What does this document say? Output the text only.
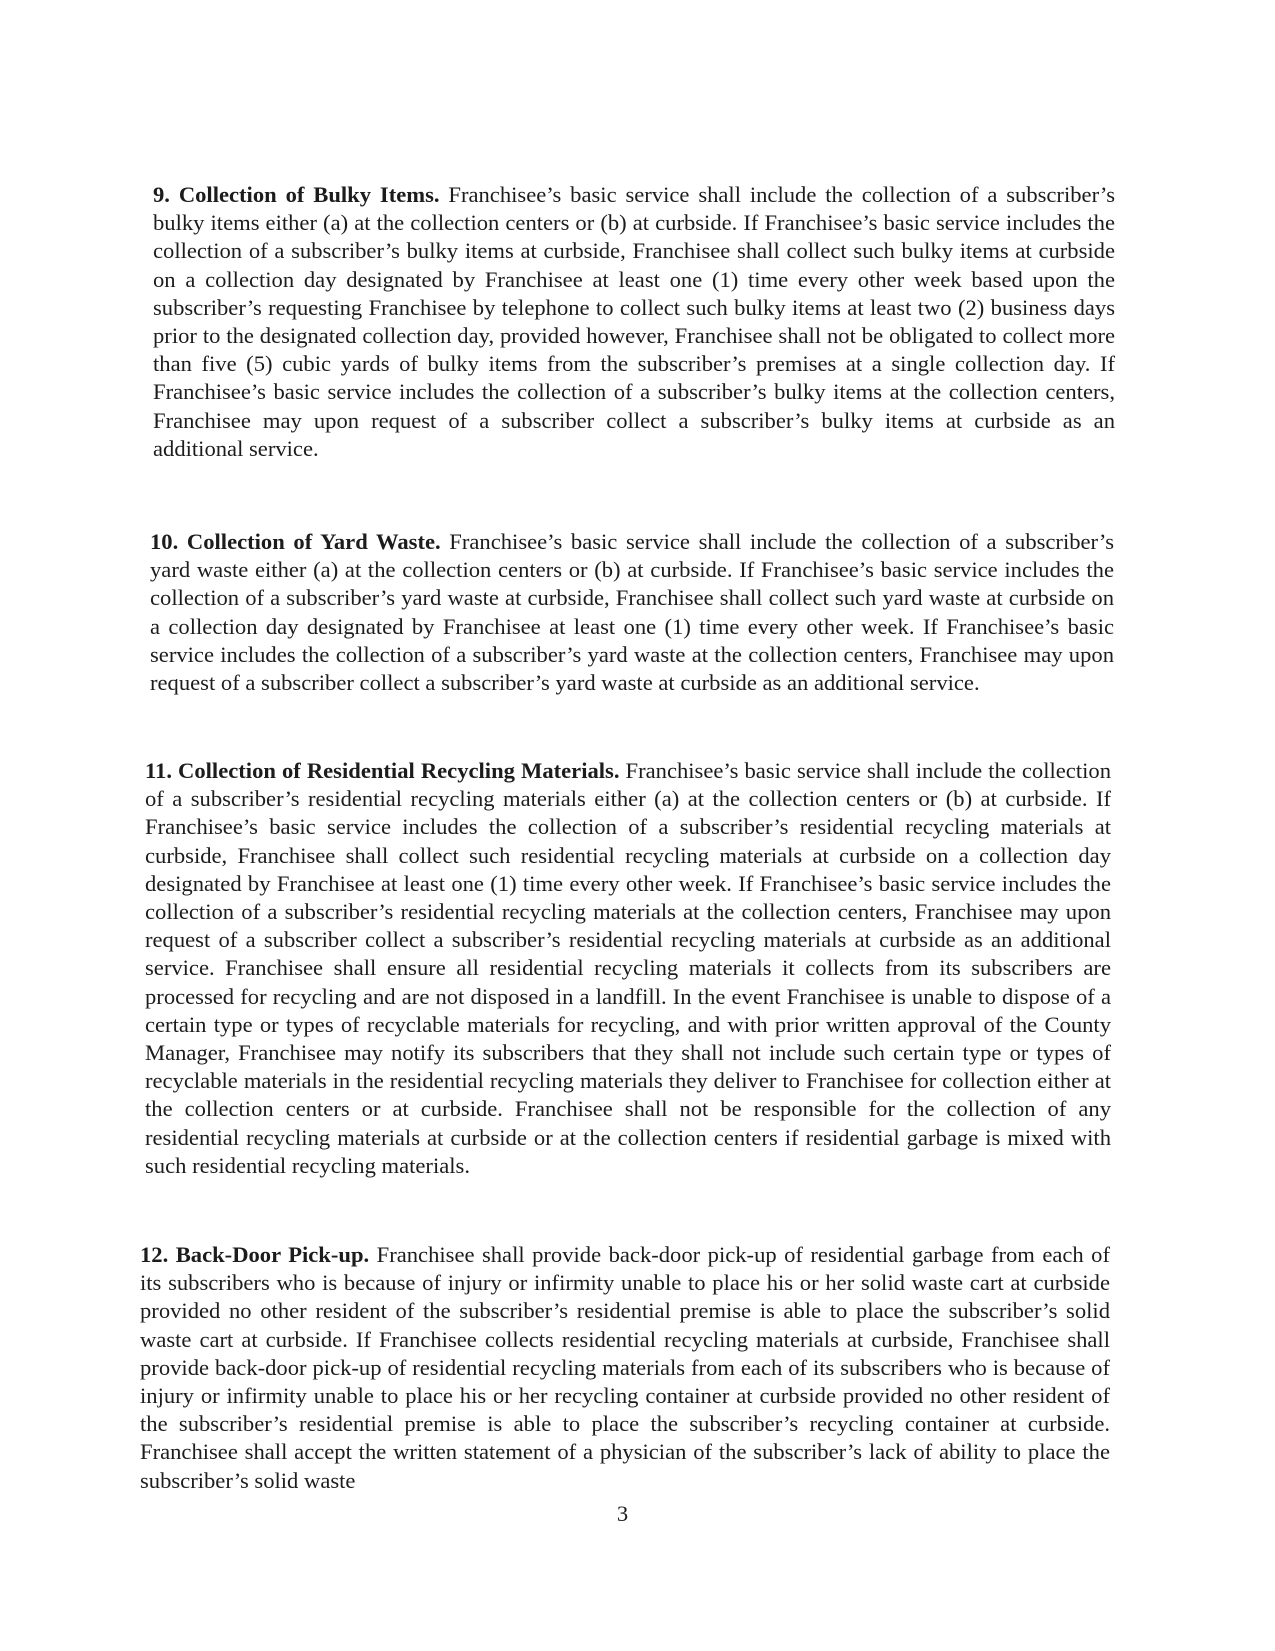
9. Collection of Bulky Items. Franchisee’s basic service shall include the collection of a subscriber’s bulky items either (a) at the collection centers or (b) at curbside. If Franchisee’s basic service includes the collection of a subscriber’s bulky items at curbside, Franchisee shall collect such bulky items at curbside on a collection day designated by Franchisee at least one (1) time every other week based upon the subscriber’s requesting Franchisee by telephone to collect such bulky items at least two (2) business days prior to the designated collection day, provided however, Franchisee shall not be obligated to collect more than five (5) cubic yards of bulky items from the subscriber’s premises at a single collection day. If Franchisee’s basic service includes the collection of a subscriber’s bulky items at the collection centers, Franchisee may upon request of a subscriber collect a subscriber’s bulky items at curbside as an additional service.

10. Collection of Yard Waste. Franchisee’s basic service shall include the collection of a subscriber’s yard waste either (a) at the collection centers or (b) at curbside. If Franchisee’s basic service includes the collection of a subscriber’s yard waste at curbside, Franchisee shall collect such yard waste at curbside on a collection day designated by Franchisee at least one (1) time every other week. If Franchisee’s basic service includes the collection of a subscriber’s yard waste at the collection centers, Franchisee may upon request of a subscriber collect a subscriber’s yard waste at curbside as an additional service.

11. Collection of Residential Recycling Materials. Franchisee’s basic service shall include the collection of a subscriber’s residential recycling materials either (a) at the collection centers or (b) at curbside. If Franchisee’s basic service includes the collection of a subscriber’s residential recycling materials at curbside, Franchisee shall collect such residential recycling materials at curbside on a collection day designated by Franchisee at least one (1) time every other week. If Franchisee’s basic service includes the collection of a subscriber’s residential recycling materials at the collection centers, Franchisee may upon request of a subscriber collect a subscriber’s residential recycling materials at curbside as an additional service. Franchisee shall ensure all residential recycling materials it collects from its subscribers are processed for recycling and are not disposed in a landfill. In the event Franchisee is unable to dispose of a certain type or types of recyclable materials for recycling, and with prior written approval of the County Manager, Franchisee may notify its subscribers that they shall not include such certain type or types of recyclable materials in the residential recycling materials they deliver to Franchisee for collection either at the collection centers or at curbside. Franchisee shall not be responsible for the collection of any residential recycling materials at curbside or at the collection centers if residential garbage is mixed with such residential recycling materials.

12. Back-Door Pick-up. Franchisee shall provide back-door pick-up of residential garbage from each of its subscribers who is because of injury or infirmity unable to place his or her solid waste cart at curbside provided no other resident of the subscriber’s residential premise is able to place the subscriber’s solid waste cart at curbside. If Franchisee collects residential recycling materials at curbside, Franchisee shall provide back-door pick-up of residential recycling materials from each of its subscribers who is because of injury or infirmity unable to place his or her recycling container at curbside provided no other resident of the subscriber’s residential premise is able to place the subscriber’s recycling container at curbside. Franchisee shall accept the written statement of a physician of the subscriber’s lack of ability to place the subscriber’s solid waste

3
